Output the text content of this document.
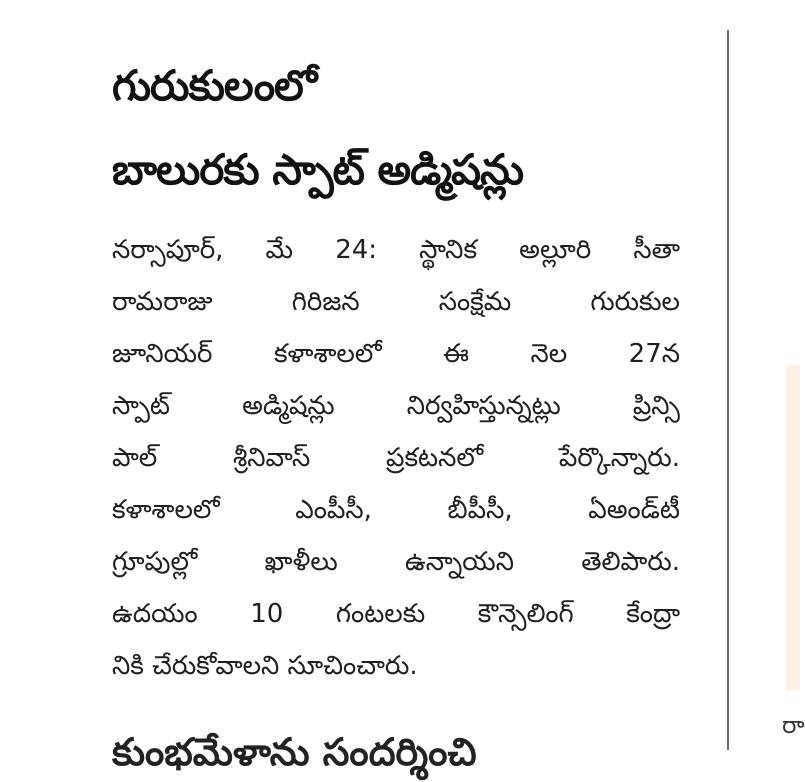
గురుకులంలో
బాలురకు స్పాట్ అడ్మిషన్లు
నర్సాపూర్, మే 24: స్థానిక అల్లూరి సీతా
రామరాజు గిరిజన సంక్షేమ గురుకుల
జూనియర్ కళాశాలలో ఈ నెల 27న
స్పాట్ అడ్మిషన్లు నిర్వహిస్తున్నట్లు ప్రిన్సి
పాల్ శ్రీనివాస్ ప్రకటనలో పేర్కొన్నారు.
కళాశాలలో ఎంపీసీ, బీపీసీ, ఏఅండ్‌టీ
గ్రూపుల్లో ఖాళీలు ఉన్నాయని తెలిపారు.
ఉదయం 10 గంటలకు కౌన్సెలింగ్ కేంద్రా
నికి చేరుకోవాలని సూచించారు.
కుంభమేళాను సందర్శించి
రా
